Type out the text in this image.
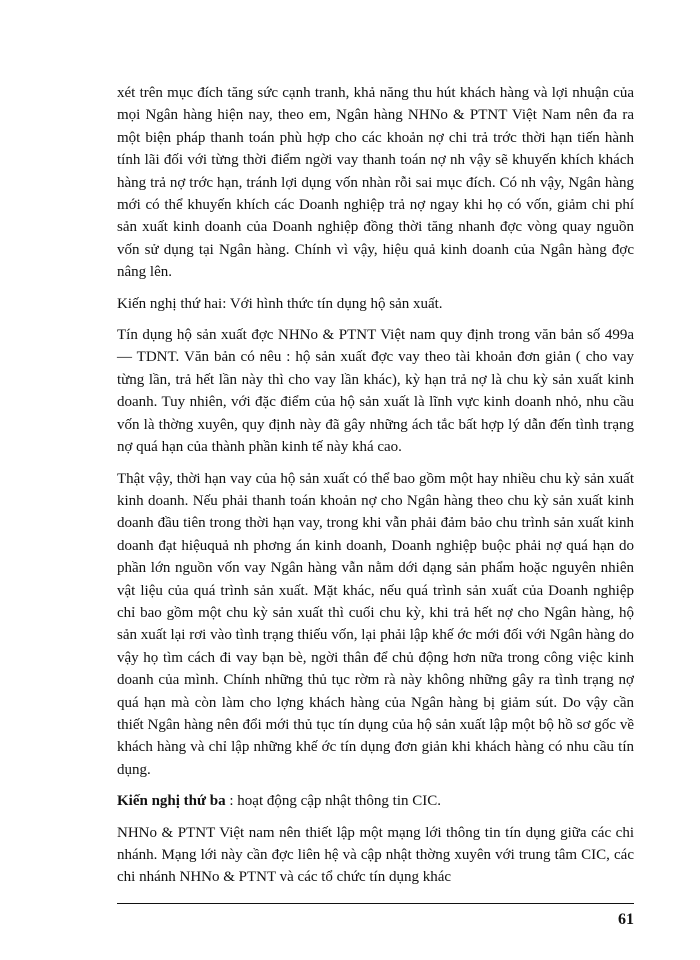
xét trên mục đích tăng sức cạnh tranh, khả năng thu hút khách hàng và lợi nhuận của mọi Ngân hàng hiện nay, theo em, Ngân hàng NHNo & PTNT Việt Nam nên đa ra một biện pháp thanh toán phù hợp cho các khoản nợ chi trả trớc thời hạn tiến hành tính lãi đối với từng thời điểm ngời vay thanh toán nợ nh vậy sẽ khuyến khích khách hàng trả nợ trớc hạn, tránh lợi dụng vốn nhàn rỗi sai mục đích. Có nh vậy, Ngân hàng mới có thể khuyến khích các Doanh nghiệp trả nợ ngay khi họ có vốn, giảm chi phí sản xuất kinh doanh của Doanh nghiệp đồng thời tăng nhanh đợc vòng quay nguồn vốn sử dụng tại Ngân hàng. Chính vì vậy, hiệu quả kinh doanh của Ngân hàng đợc nâng lên.

Kiến nghị thứ hai: Với hình thức tín dụng hộ sản xuất.

Tín dụng hộ sản xuất đợc NHNo & PTNT Việt nam quy định trong văn bản số 499a — TDNT. Văn bản có nêu : hộ sản xuất đợc vay theo tài khoản đơn giản ( cho vay từng lần, trả hết lần này thì cho vay lần khác), kỳ hạn trả nợ là chu kỳ sản xuất kinh doanh. Tuy nhiên, với đặc điểm của hộ sản xuất là lĩnh vực kinh doanh nhỏ, nhu cầu vốn là thờng xuyên, quy định này đã gây những ách tắc bất hợp lý dẫn đến tình trạng nợ quá hạn của thành phần kinh tế này khá cao.

Thật vậy, thời hạn vay của hộ sản xuất có thể bao gồm một hay nhiều chu kỳ sản xuất kinh doanh. Nếu phải thanh toán khoản nợ cho Ngân hàng theo chu kỳ sản xuất kinh doanh đầu tiên trong thời hạn vay, trong khi vẫn phải đảm bảo chu trình sản xuất kinh doanh đạt hiệuquả nh phơng án kinh doanh, Doanh nghiệp buộc phải nợ quá hạn do phần lớn nguồn vốn vay Ngân hàng vẫn nằm dới dạng sản phẩm hoặc nguyên nhiên vật liệu của quá trình sản xuất. Mặt khác, nếu quá trình sản xuất của Doanh nghiệp chỉ bao gồm một chu kỳ sản xuất thì cuối chu kỳ, khi trả hết nợ cho Ngân hàng, hộ sản xuất lại rơi vào tình trạng thiếu vốn, lại phải lập khế ớc mới đối với Ngân hàng do vậy họ tìm cách đi vay bạn bè, ngời thân để chủ động hơn nữa trong công việc kinh doanh của mình. Chính những thủ tục rờm rà này không những gây ra tình trạng nợ quá hạn mà còn làm cho lợng khách hàng của Ngân hàng bị giảm sút. Do vậy cần thiết Ngân hàng nên đổi mới thủ tục tín dụng của hộ sản xuất lập một bộ hồ sơ gốc về khách hàng và chỉ lập những khế ớc tín dụng đơn giản khi khách hàng có nhu cầu tín dụng.

Kiến nghị thứ ba : hoạt động cập nhật thông tin CIC.

NHNo & PTNT Việt nam nên thiết lập một mạng lới thông tin tín dụng giữa các chi nhánh. Mạng lới này cần đợc liên hệ và cập nhật thờng xuyên với trung tâm CIC, các chi nhánh NHNo & PTNT và các tổ chức tín dụng khác

61
